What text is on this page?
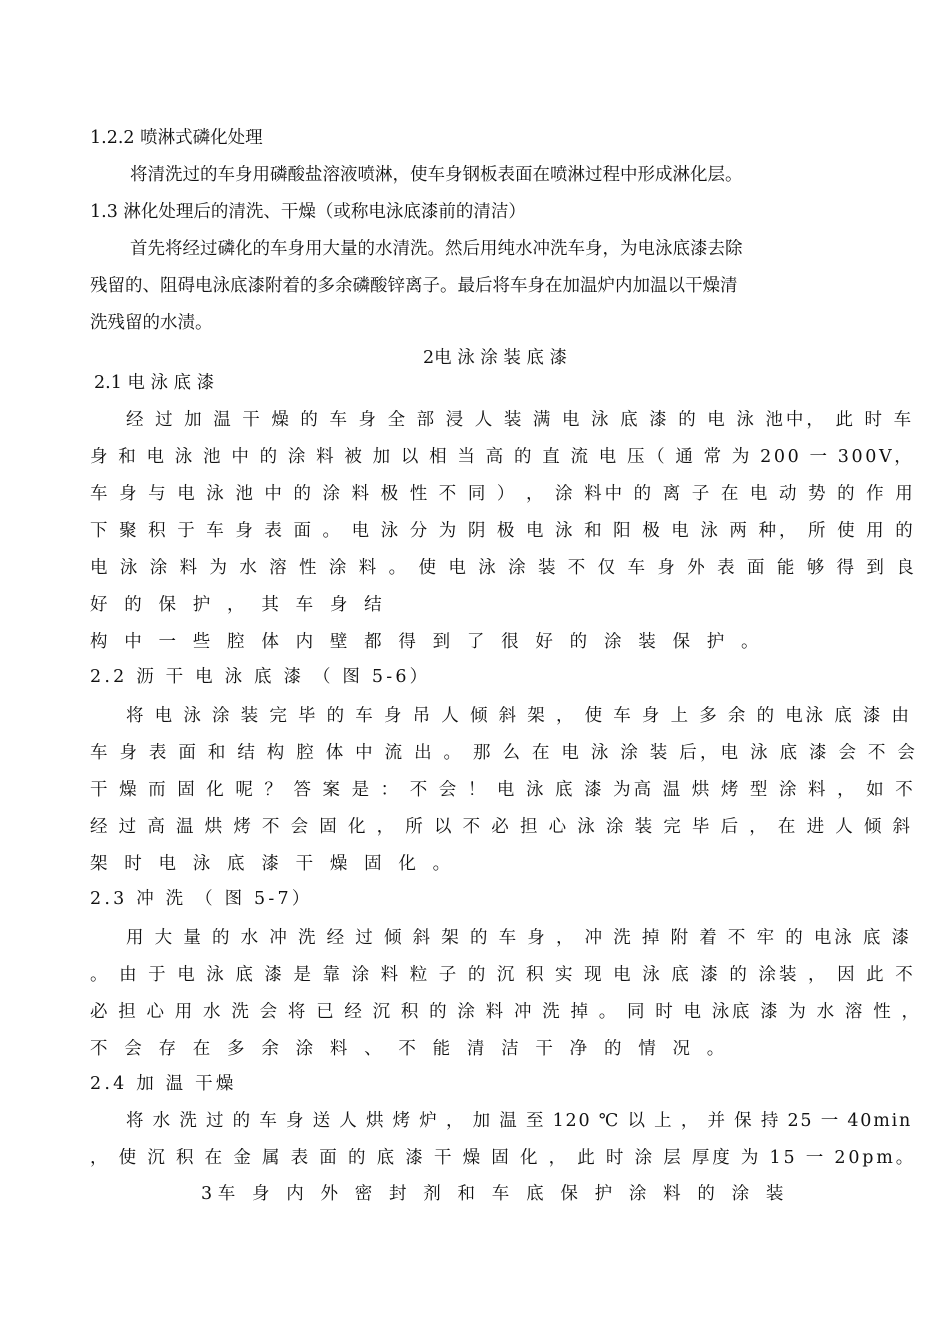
1.2.2 喷淋式磷化处理
将清洗过的车身用磷酸盐溶液喷淋，使车身钢板表面在喷淋过程中形成淋化层。
1.3 淋化处理后的清洗、干燥（或称电泳底漆前的清洁）
首先将经过磷化的车身用大量的水清洗。然后用纯水冲洗车身，为电泳底漆去除
残留的、阻碍电泳底漆附着的多余磷酸锌离子。最后将车身在加温炉内加温以干燥清
洗残留的水渍。
2电 泳 涂 装 底 漆
2.1 电 泳 底 漆
经 过 加 温 干 燥 的 车 身 全 部 浸 人 装 满 电 泳 底 漆 的 电 泳 池中， 此 时 车
身 和 电 泳 池 中 的 涂 料 被 加 以 相 当 高 的 直 流 电 压（ 通 常 为 200 一 300V，
车 身 与 电 泳 池 中 的 涂 料 极 性 不 同 ） ， 涂 料中 的 离 子 在 电 动 势 的 作 用
下 聚 积 于 车 身 表 面 。 电 泳 分 为 阴 极 电 泳 和 阳 极 电 泳 两 种， 所 使 用 的
电 泳 涂 料 为 水 溶 性 涂 料 。 使 电 泳 涂 装 不 仅 车 身 外 表 面 能 够 得 到 良
好 的 保 护 ， 其 车 身 结
构 中 一 些 腔 体 内 壁 都 得 到 了 很 好 的 涂 装 保 护 。
2.2 沥 干 电 泳 底 漆 （ 图 5-6）
将 电 泳 涂 装 完 毕 的 车 身 吊 人 倾 斜 架 ， 使 车 身 上 多 余 的 电泳 底 漆 由
车 身 表 面 和 结 构 腔 体 中 流 出 。 那 么 在 电 泳 涂 装 后，电 泳 底 漆 会 不 会
干 燥 而 固 化 呢 ？ 答 案 是 ： 不 会 ！ 电 泳 底 漆 为高 温 烘 烤 型 涂 料 ， 如 不
经 过 高 温 烘 烤 不 会 固 化 ， 所 以 不 必 担 心 泳 涂 装 完 毕 后 ， 在 进 人 倾 斜
架 时 电 泳 底 漆 干 燥 固 化 。
2.3 冲 洗 （ 图 5-7）
用 大 量 的 水 冲 洗 经 过 倾 斜 架 的 车 身 ， 冲 洗 掉 附 着 不 牢 的 电泳 底 漆
。 由 于 电 泳 底 漆 是 靠 涂 料 粒 子 的 沉 积 实 现 电 泳 底 漆 的 涂装 ， 因 此 不
必 担 心 用 水 洗 会 将 已 经 沉 积 的 涂 料 冲 洗 掉 。 同 时 电 泳底 漆 为 水 溶 性 ，
不 会 存 在 多 余 涂 料 、 不 能 清 洁 干 净 的 情 况 。
2.4 加 温 干燥
将 水 洗 过 的 车 身 送 人 烘 烤 炉 ， 加 温 至 120 ℃ 以 上 ， 并 保 持 25 一 40min
， 使 沉 积 在 金 属 表 面 的 底 漆 干 燥 固 化 ， 此 时 涂 层 厚度 为 15 一 20pm。
3车 身 内 外 密 封 剂 和 车 底 保 护 涂 料 的 涂 装
